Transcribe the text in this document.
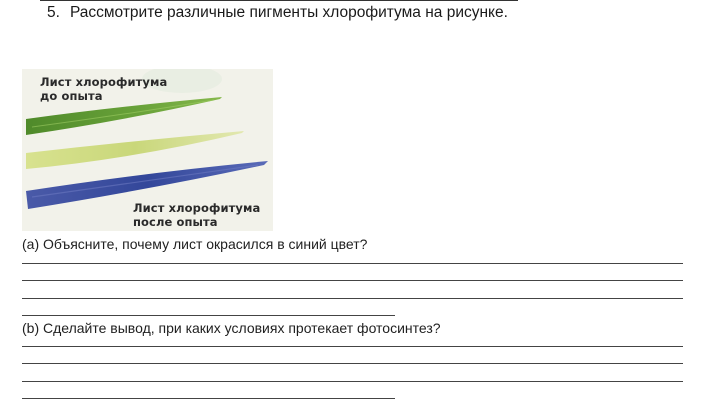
5. Рассмотрите различные пигменты хлорофитума на рисунке.
Лист хлорофитума
до опыта
Лист хлорофитума
после опыта
(a) Объясните, почему лист окрасился в синий цвет?
(b) Сделайте вывод, при каких условиях протекает фотосинтез?
